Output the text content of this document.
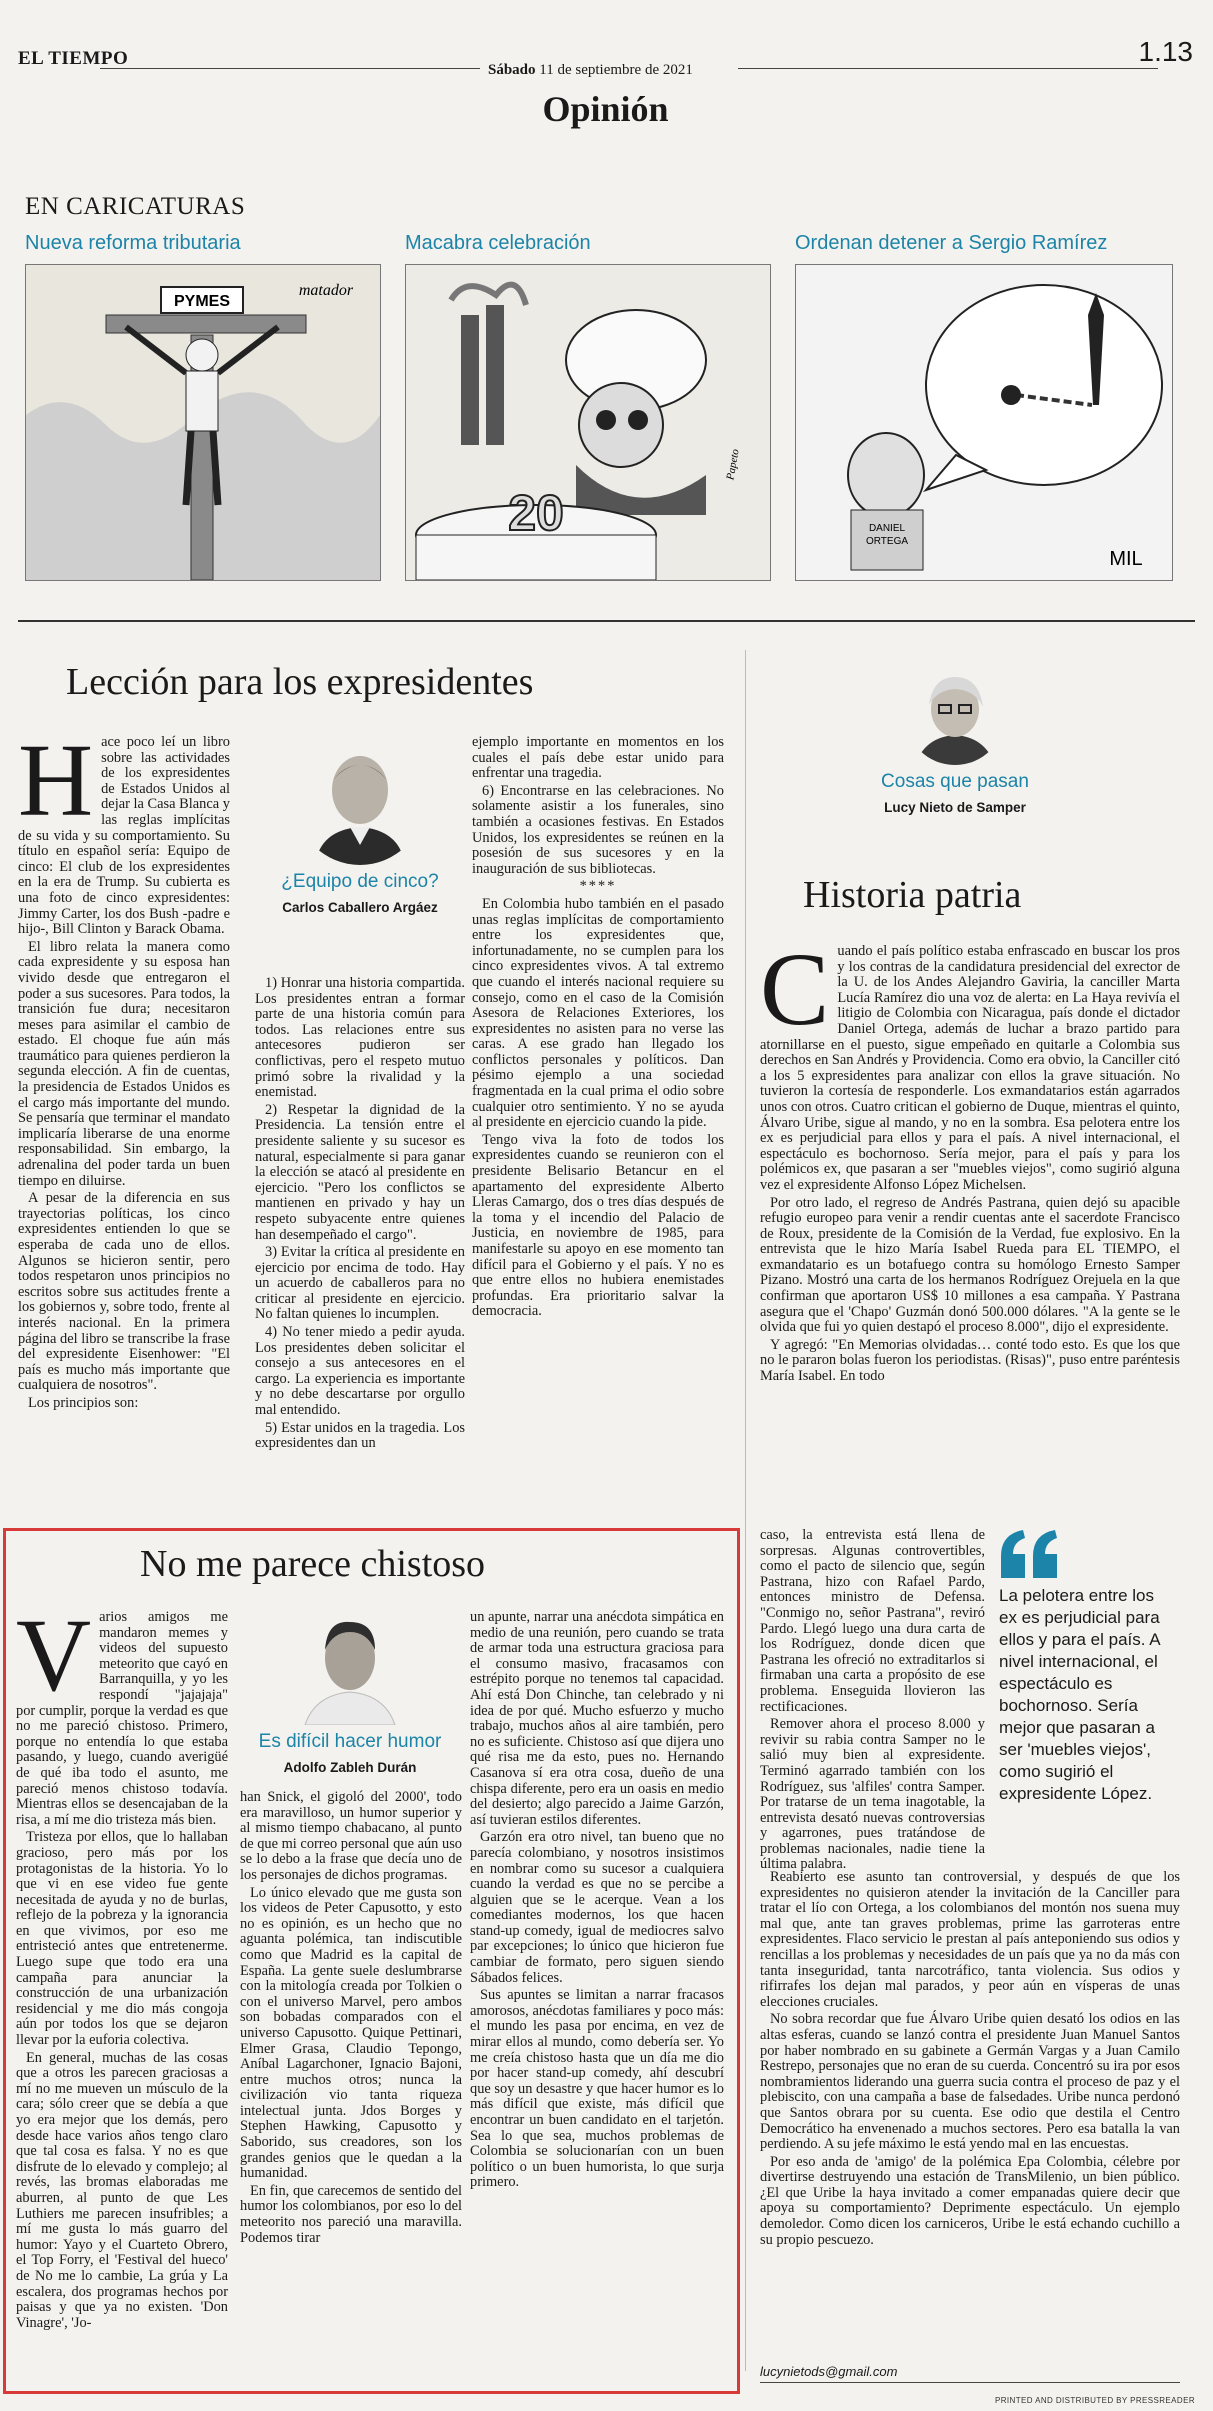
EL TIEMPO
Sábado 11 de septiembre de 2021
1.13
Opinión
EN CARICATURAS
Nueva reforma tributaria
PYMES
matador
Macabra celebración
20
Papeto
Ordenan detener a Sergio Ramírez
DANIEL
ORTEGA
MIL
Lección para los expresidentes

Hace poco leí un libro sobre las actividades de los expresidentes de Estados Unidos al dejar la Casa Blanca y las reglas implícitas de su vida y su comportamiento. Su título en español sería: Equipo de cinco: El club de los expresidentes en la era de Trump. Su cubierta es una foto de cinco expresidentes: Jimmy Carter, los dos Bush -padre e hijo-, Bill Clinton y Barack Obama.

El libro relata la manera como cada expresidente y su esposa han vivido desde que entregaron el poder a sus sucesores. Para todos, la transición fue dura; necesitaron meses para asimilar el cambio de estado. El choque fue aún más traumático para quienes perdieron la segunda elección. A fin de cuentas, la presidencia de Estados Unidos es el cargo más importante del mundo. Se pensaría que terminar el mandato implicaría liberarse de una enorme responsabilidad. Sin embargo, la adrenalina del poder tarda un buen tiempo en diluirse.

A pesar de la diferencia en sus trayectorias políticas, los cinco expresidentes entienden lo que se esperaba de cada uno de ellos. Algunos se hicieron sentir, pero todos respetaron unos principios no escritos sobre sus actitudes frente a los gobiernos y, sobre todo, frente al interés nacional. En la primera página del libro se transcribe la frase del expresidente Eisenhower: "El país es mucho más importante que cualquiera de nosotros".

Los principios son:

¿Equipo de cinco?
Carlos Caballero Argáez

1) Honrar una historia compartida. Los presidentes entran a formar parte de una historia común para todos. Las relaciones entre sus antecesores pudieron ser conflictivas, pero el respeto mutuo primó sobre la rivalidad y la enemistad.

2) Respetar la dignidad de la Presidencia. La tensión entre el presidente saliente y su sucesor es natural, especialmente si para ganar la elección se atacó al presidente en ejercicio. "Pero los conflictos se mantienen en privado y hay un respeto subyacente entre quienes han desempeñado el cargo".

3) Evitar la crítica al presidente en ejercicio por encima de todo. Hay un acuerdo de caballeros para no criticar al presidente en ejercicio. No faltan quienes lo incumplen.

4) No tener miedo a pedir ayuda. Los presidentes deben solicitar el consejo a sus antecesores en el cargo. La experiencia es importante y no debe descartarse por orgullo mal entendido.

5) Estar unidos en la tragedia. Los expresidentes dan un

ejemplo importante en momentos en los cuales el país debe estar unido para enfrentar una tragedia.

6) Encontrarse en las celebraciones. No solamente asistir a los funerales, sino también a ocasiones festivas. En Estados Unidos, los expresidentes se reúnen en la posesión de sus sucesores y en la inauguración de sus bibliotecas.

****

En Colombia hubo también en el pasado unas reglas implícitas de comportamiento entre los expresidentes que, infortunadamente, no se cumplen para los cinco expresidentes vivos. A tal extremo que cuando el interés nacional requiere su consejo, como en el caso de la Comisión Asesora de Relaciones Exteriores, los expresidentes no asisten para no verse las caras. A ese grado han llegado los conflictos personales y políticos. Dan pésimo ejemplo a una sociedad fragmentada en la cual prima el odio sobre cualquier otro sentimiento. Y no se ayuda al presidente en ejercicio cuando la pide.

Tengo viva la foto de todos los expresidentes cuando se reunieron con el presidente Belisario Betancur en el apartamento del expresidente Alberto Lleras Camargo, dos o tres días después de la toma y el incendio del Palacio de Justicia, en noviembre de 1985, para manifestarle su apoyo en ese momento tan difícil para el Gobierno y el país. Y no es que entre ellos no hubiera enemistades profundas. Era prioritario salvar la democracia.

Cosas que pasan
Lucy Nieto de Samper
Historia patria

Cuando el país político estaba enfrascado en buscar los pros y los contras de la candidatura presidencial del exrector de la U. de los Andes Alejandro Gaviria, la canciller Marta Lucía Ramírez dio una voz de alerta: en La Haya revivía el litigio de Colombia con Nicaragua, país donde el dictador Daniel Ortega, además de luchar a brazo partido para atornillarse en el puesto, sigue empeñado en quitarle a Colombia sus derechos en San Andrés y Providencia. Como era obvio, la Canciller citó a los 5 expresidentes para analizar con ellos la grave situación. No tuvieron la cortesía de responderle. Los exmandatarios están agarrados unos con otros. Cuatro critican el gobierno de Duque, mientras el quinto, Álvaro Uribe, sigue al mando, y no en la sombra. Esa pelotera entre los ex es perjudicial para ellos y para el país. A nivel internacional, el espectáculo es bochornoso. Sería mejor, para el país y para los polémicos ex, que pasaran a ser "muebles viejos", como sugirió alguna vez el expresidente Alfonso López Michelsen.

Por otro lado, el regreso de Andrés Pastrana, quien dejó su apacible refugio europeo para venir a rendir cuentas ante el sacerdote Francisco de Roux, presidente de la Comisión de la Verdad, fue explosivo. En la entrevista que le hizo María Isabel Rueda para EL TIEMPO, el exmandatario es un botafuego contra su homólogo Ernesto Samper Pizano. Mostró una carta de los hermanos Rodríguez Orejuela en la que confirman que aportaron US$ 10 millones a esa campaña. Y Pastrana asegura que el 'Chapo' Guzmán donó 500.000 dólares. "A la gente se le olvida que fui yo quien destapó el proceso 8.000", dijo el expresidente.

Y agregó: "En Memorias olvidadas… conté todo esto. Es que los que no le pararon bolas fueron los periodistas. (Risas)", puso entre paréntesis María Isabel. En todo

caso, la entrevista está llena de sorpresas. Algunas controvertibles, como el pacto de silencio que, según Pastrana, hizo con Rafael Pardo, entonces ministro de Defensa. "Conmigo no, señor Pastrana", reviró Pardo. Llegó luego una dura carta de los Rodríguez, donde dicen que Pastrana les ofreció no extraditarlos si firmaban una carta a propósito de ese problema. Enseguida llovieron las rectificaciones.

Remover ahora el proceso 8.000 y revivir su rabia contra Samper no le salió muy bien al expresidente. Terminó agarrado también con los Rodríguez, sus 'alfiles' contra Samper. Por tratarse de un tema inagotable, la entrevista desató nuevas controversias y agarrones, pues tratándose de problemas nacionales, nadie tiene la última palabra.

La pelotera entre los ex es perjudicial para ellos y para el país. A nivel internacional, el espectáculo es bochornoso. Sería mejor que pasaran a ser 'muebles viejos', como sugirió el expresidente López.

Reabierto ese asunto tan controversial, y después de que los expresidentes no quisieron atender la invitación de la Canciller para tratar el lío con Ortega, a los colombianos del montón nos suena muy mal que, ante tan graves problemas, prime las garroteras entre expresidentes. Flaco servicio le prestan al país anteponiendo sus odios y rencillas a los problemas y necesidades de un país que ya no da más con tanta inseguridad, tanta narcotráfico, tanta violencia. Sus odios y rifirrafes los dejan mal parados, y peor aún en vísperas de unas elecciones cruciales.

No sobra recordar que fue Álvaro Uribe quien desató los odios en las altas esferas, cuando se lanzó contra el presidente Juan Manuel Santos por haber nombrado en su gabinete a Germán Vargas y a Juan Camilo Restrepo, personajes que no eran de su cuerda. Concentró su ira por esos nombramientos liderando una guerra sucia contra el proceso de paz y el plebiscito, con una campaña a base de falsedades. Uribe nunca perdonó que Santos obrara por su cuenta. Ese odio que destila el Centro Democrático ha envenenado a muchos sectores. Pero esa batalla la van perdiendo. A su jefe máximo le está yendo mal en las encuestas.

Por eso anda de 'amigo' de la polémica Epa Colombia, célebre por divertirse destruyendo una estación de TransMilenio, un bien público. ¿El que Uribe la haya invitado a comer empanadas quiere decir que apoya su comportamiento? Deprimente espectáculo. Un ejemplo demoledor. Como dicen los carniceros, Uribe le está echando cuchillo a su propio pescuezo.

lucynietods@gmail.com
No me parece chistoso

Varios amigos me mandaron memes y videos del supuesto meteorito que cayó en Barranquilla, y yo les respondí "jajajaja" por cumplir, porque la verdad es que no me pareció chistoso. Primero, porque no entendía lo que estaba pasando, y luego, cuando averigüé de qué iba todo el asunto, me pareció menos chistoso todavía. Mientras ellos se desencajaban de la risa, a mí me dio tristeza más bien.

Tristeza por ellos, que lo hallaban gracioso, pero más por los protagonistas de la historia. Yo lo que vi en ese video fue gente necesitada de ayuda y no de burlas, reflejo de la pobreza y la ignorancia en que vivimos, por eso me entristeció antes que entretenerme. Luego supe que todo era una campaña para anunciar la construcción de una urbanización residencial y me dio más congoja aún por todos los que se dejaron llevar por la euforia colectiva.

En general, muchas de las cosas que a otros les parecen graciosas a mí no me mueven un músculo de la cara; sólo creer que se debía a que yo era mejor que los demás, pero desde hace varios años tengo claro que tal cosa es falsa. Y no es que disfrute de lo elevado y complejo; al revés, las bromas elaboradas me aburren, al punto de que Les Luthiers me parecen insufribles; a mí me gusta lo más guarro del humor: Yayo y el Cuarteto Obrero, el Top Forry, el 'Festival del hueco' de No me lo cambie, La grúa y La escalera, dos programas hechos por paisas y que ya no existen. 'Don Vinagre', 'Jo-

Es difícil hacer humor
Adolfo Zableh Durán

han Snick, el gigoló del 2000', todo era maravilloso, un humor superior y al mismo tiempo chabacano, al punto de que mi correo personal que aún uso se lo debo a la frase que decía uno de los personajes de dichos programas.

Lo único elevado que me gusta son los videos de Peter Capusotto, y esto no es opinión, es un hecho que no aguanta polémica, tan indiscutible como que Madrid es la capital de España. La gente suele deslumbrarse con la mitología creada por Tolkien o con el universo Marvel, pero ambos son bobadas comparados con el universo Capusotto. Quique Pettinari, Elmer Grasa, Claudio Tepongo, Aníbal Lagarchoner, Ignacio Bajoni, entre muchos otros; nunca la civilización vio tanta riqueza intelectual junta. Jdos Borges y Stephen Hawking, Capusotto y Saborido, sus creadores, son los grandes genios que le quedan a la humanidad.

En fin, que carecemos de sentido del humor los colombianos, por eso lo del meteorito nos pareció una maravilla. Podemos tirar

un apunte, narrar una anécdota simpática en medio de una reunión, pero cuando se trata de armar toda una estructura graciosa para el consumo masivo, fracasamos con estrépito porque no tenemos tal capacidad. Ahí está Don Chinche, tan celebrado y ni idea de por qué. Mucho esfuerzo y mucho trabajo, muchos años al aire también, pero no es suficiente. Chistoso así que dijera uno qué risa me da esto, pues no. Hernando Casanova sí era otra cosa, dueño de una chispa diferente, pero era un oasis en medio del desierto; algo parecido a Jaime Garzón, así tuvieran estilos diferentes.

Garzón era otro nivel, tan bueno que no parecía colombiano, y nosotros insistimos en nombrar como su sucesor a cualquiera cuando la verdad es que no se percibe a alguien que se le acerque. Vean a los comediantes modernos, los que hacen stand-up comedy, igual de mediocres salvo par excepciones; lo único que hicieron fue cambiar de formato, pero siguen siendo Sábados felices.

Sus apuntes se limitan a narrar fracasos amorosos, anécdotas familiares y poco más: el mundo les pasa por encima, en vez de mirar ellos al mundo, como debería ser. Yo me creía chistoso hasta que un día me dio por hacer stand-up comedy, ahí descubrí que soy un desastre y que hacer humor es lo más difícil que existe, más difícil que encontrar un buen candidato en el tarjetón. Sea lo que sea, muchos problemas de Colombia se solucionarían con un buen político o un buen humorista, lo que surja primero.

PRINTED AND DISTRIBUTED BY PRESSREADER
